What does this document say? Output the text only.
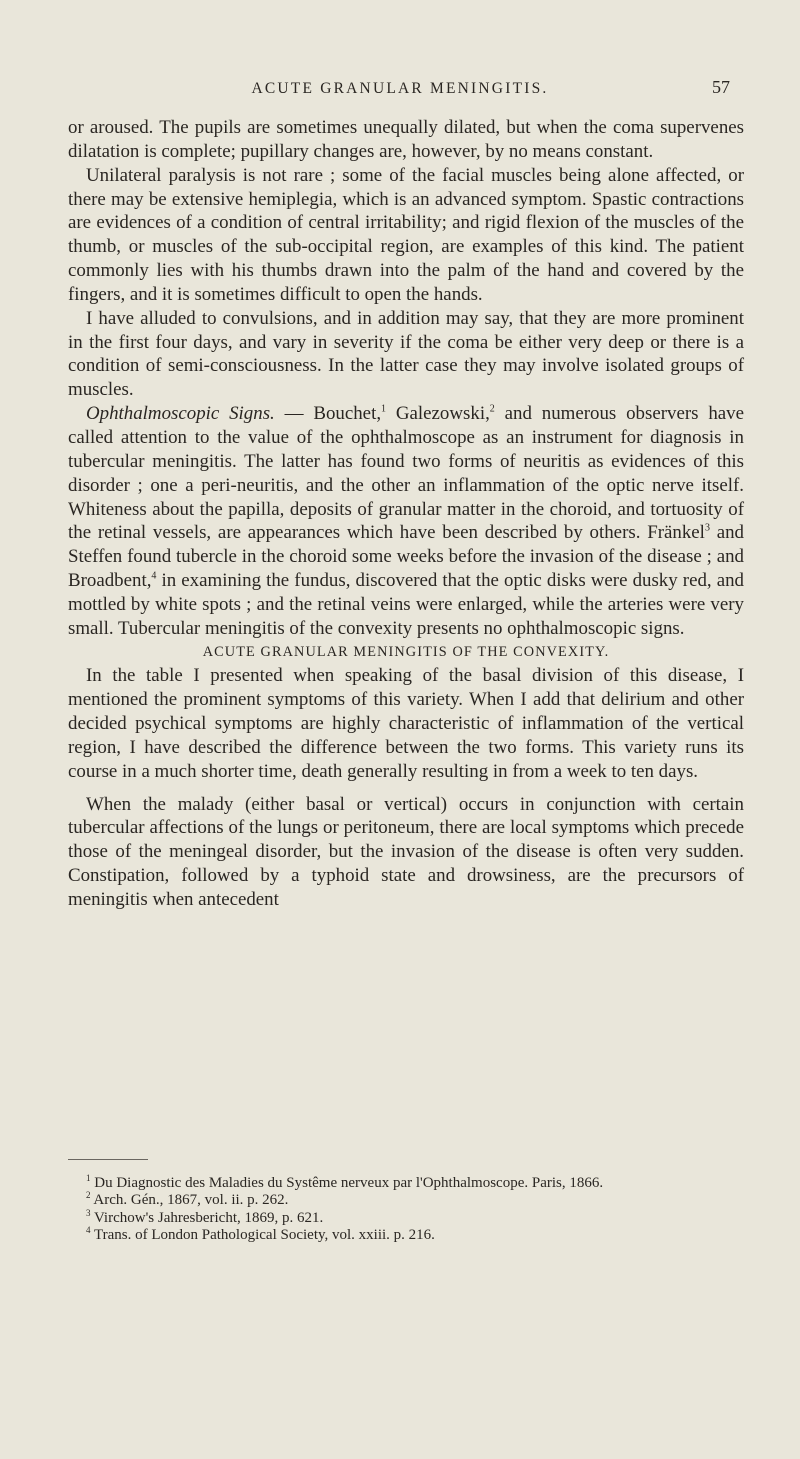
ACUTE GRANULAR MENINGITIS.	57

or aroused. The pupils are sometimes unequally dilated, but when the coma supervenes dilatation is complete; pupillary changes are, however, by no means constant.

Unilateral paralysis is not rare ; some of the facial muscles being alone affected, or there may be extensive hemiplegia, which is an advanced symptom. Spastic contractions are evidences of a condition of central irritability; and rigid flexion of the muscles of the thumb, or muscles of the sub-occipital region, are examples of this kind. The patient commonly lies with his thumbs drawn into the palm of the hand and covered by the fingers, and it is sometimes difficult to open the hands.

I have alluded to convulsions, and in addition may say, that they are more prominent in the first four days, and vary in severity if the coma be either very deep or there is a condition of semi-consciousness. In the latter case they may involve isolated groups of muscles.

Ophthalmoscopic Signs. — Bouchet,$^1$ Galezowski,$^2$ and numerous observers have called attention to the value of the ophthalmoscope as an instrument for diagnosis in tubercular meningitis. The latter has found two forms of neuritis as evidences of this disorder ; one a peri-neuritis, and the other an inflammation of the optic nerve itself. Whiteness about the papilla, deposits of granular matter in the choroid, and tortuosity of the retinal vessels, are appearances which have been described by others. Fränkel$^3$ and Steffen found tubercle in the choroid some weeks before the invasion of the disease ; and Broadbent,$^4$ in examining the fundus, discovered that the optic disks were dusky red, and mottled by white spots ; and the retinal veins were enlarged, while the arteries were very small. Tubercular meningitis of the convexity presents no ophthalmoscopic signs.

ACUTE GRANULAR MENINGITIS OF THE CONVEXITY.

In the table I presented when speaking of the basal division of this disease, I mentioned the prominent symptoms of this variety. When I add that delirium and other decided psychical symptoms are highly characteristic of inflammation of the vertical region, I have described the difference between the two forms. This variety runs its course in a much shorter time, death generally resulting in from a week to ten days.

When the malady (either basal or vertical) occurs in conjunction with certain tubercular affections of the lungs or peritoneum, there are local symptoms which precede those of the meningeal disorder, but the invasion of the disease is often very sudden. Constipation, followed by a typhoid state and drowsiness, are the precursors of meningitis when antecedent

$^1$ Du Diagnostic des Maladies du Systême nerveux par l'Ophthalmoscope. Paris, 1866.

$^2$ Arch. Gén., 1867, vol. ii. p. 262.

$^3$ Virchow's Jahresbericht, 1869, p. 621.

$^4$ Trans. of London Pathological Society, vol. xxiii. p. 216.
